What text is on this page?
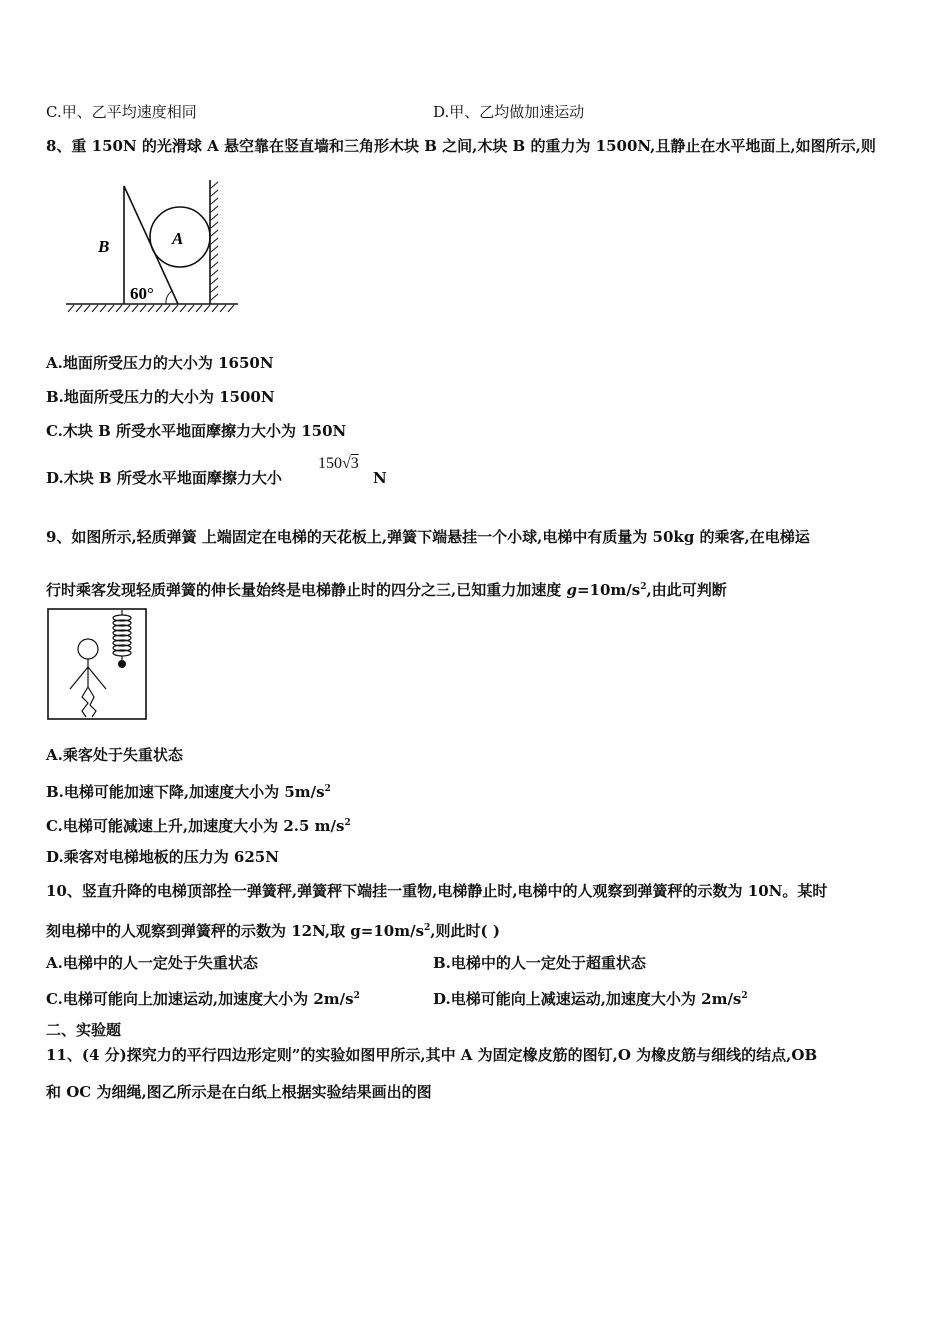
C.甲、乙平均速度相同	D.甲、乙均做加速运动
8、重 150N 的光滑球 A 悬空靠在竖直墙和三角形木块 B 之间,木块 B 的重力为 1500N,且静止在水平地面上,如图所示,则
B	A
60°
A.地面所受压力的大小为 1650N
B.地面所受压力的大小为 1500N
C.木块 B 所受水平地面摩擦力大小为 150N
D.木块 B 所受水平地面摩擦力大小
150√3
N
9、如图所示,轻质弹簧 上端固定在电梯的天花板上,弹簧下端悬挂一个小球,电梯中有质量为 50kg 的乘客,在电梯运
行时乘客发现轻质弹簧的伸长量始终是电梯静止时的四分之三,已知重力加速度 $g=10m/s^2$,由此可判断
A.乘客处于失重状态
B.电梯可能加速下降,加速度大小为 $5m/s^2$
C.电梯可能减速上升,加速度大小为 2.5 $m/s^2$
D.乘客对电梯地板的压力为 625N
10、竖直升降的电梯顶部拴一弹簧秤,弹簧秤下端挂一重物,电梯静止时,电梯中的人观察到弹簧秤的示数为 10N。某时
刻电梯中的人观察到弹簧秤的示数为 12N,取 $g=10m/s^2$,则此时( )
A.电梯中的人一定处于失重状态	B.电梯中的人一定处于超重状态
C.电梯可能向上加速运动,加速度大小为 $2m/s^2$	D.电梯可能向上减速运动,加速度大小为 $2m/s^2$
二、实验题
11、(4 分)探究力的平行四边形定则”的实验如图甲所示,其中 A 为固定橡皮筋的图钉,O 为橡皮筋与细线的结点,OB
和 OC 为细绳,图乙所示是在白纸上根据实验结果画出的图
